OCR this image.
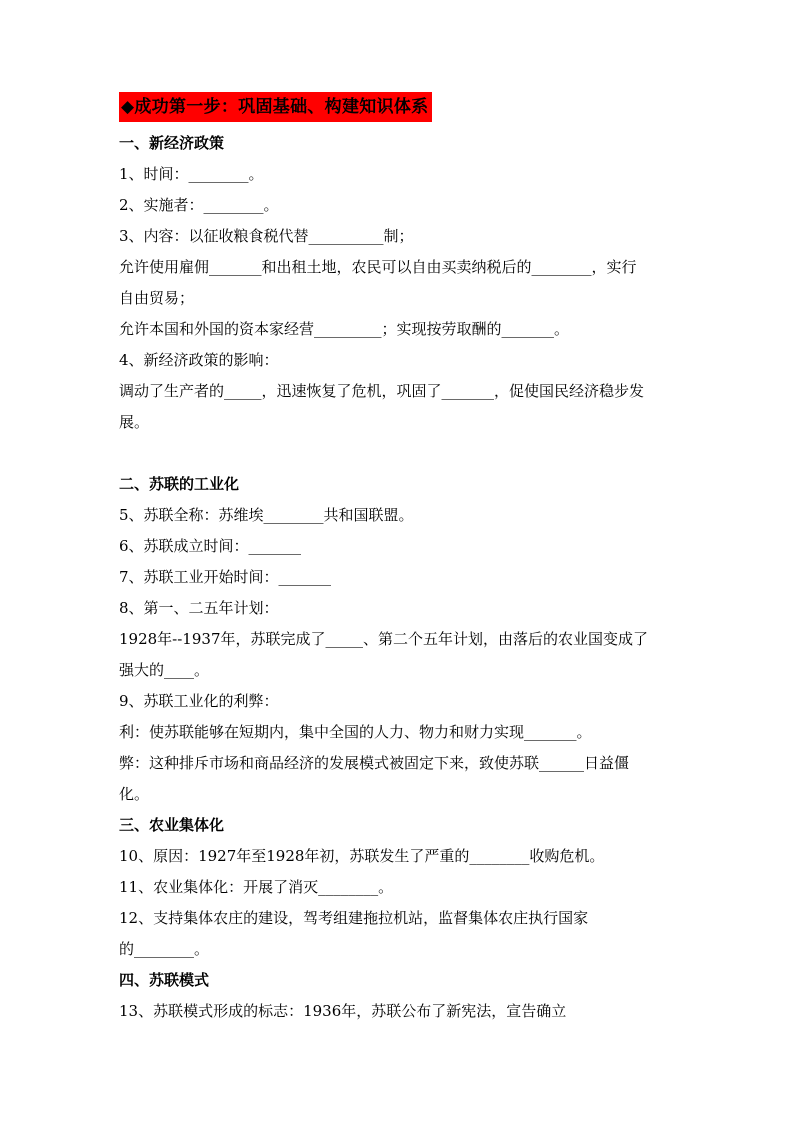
◆成功第一步：巩固基础、构建知识体系
一、新经济政策
1、时间：________。
2、实施者：________。
3、内容：以征收粮食税代替__________制；
允许使用雇佣_______和出租土地，农民可以自由买卖纳税后的________，实行
自由贸易；
允许本国和外国的资本家经营_________；实现按劳取酬的_______。
4、新经济政策的影响：
调动了生产者的_____，迅速恢复了危机，巩固了_______，促使国民经济稳步发
展。
二、苏联的工业化
5、苏联全称：苏维埃________共和国联盟。
6、苏联成立时间：_______
7、苏联工业开始时间：_______
8、第一、二五年计划：
1928年--1937年，苏联完成了_____、第二个五年计划，由落后的农业国变成了
强大的____。
9、苏联工业化的利弊：
利：使苏联能够在短期内，集中全国的人力、物力和财力实现_______。
弊：这种排斥市场和商品经济的发展模式被固定下来，致使苏联______日益僵
化。
三、农业集体化
10、原因：1927年至1928年初，苏联发生了严重的________收购危机。
11、农业集体化：开展了消灭________。
12、支持集体农庄的建设，驾考组建拖拉机站，监督集体农庄执行国家
的________。
四、苏联模式
13、苏联模式形成的标志：1936年，苏联公布了新宪法，宣告确立
